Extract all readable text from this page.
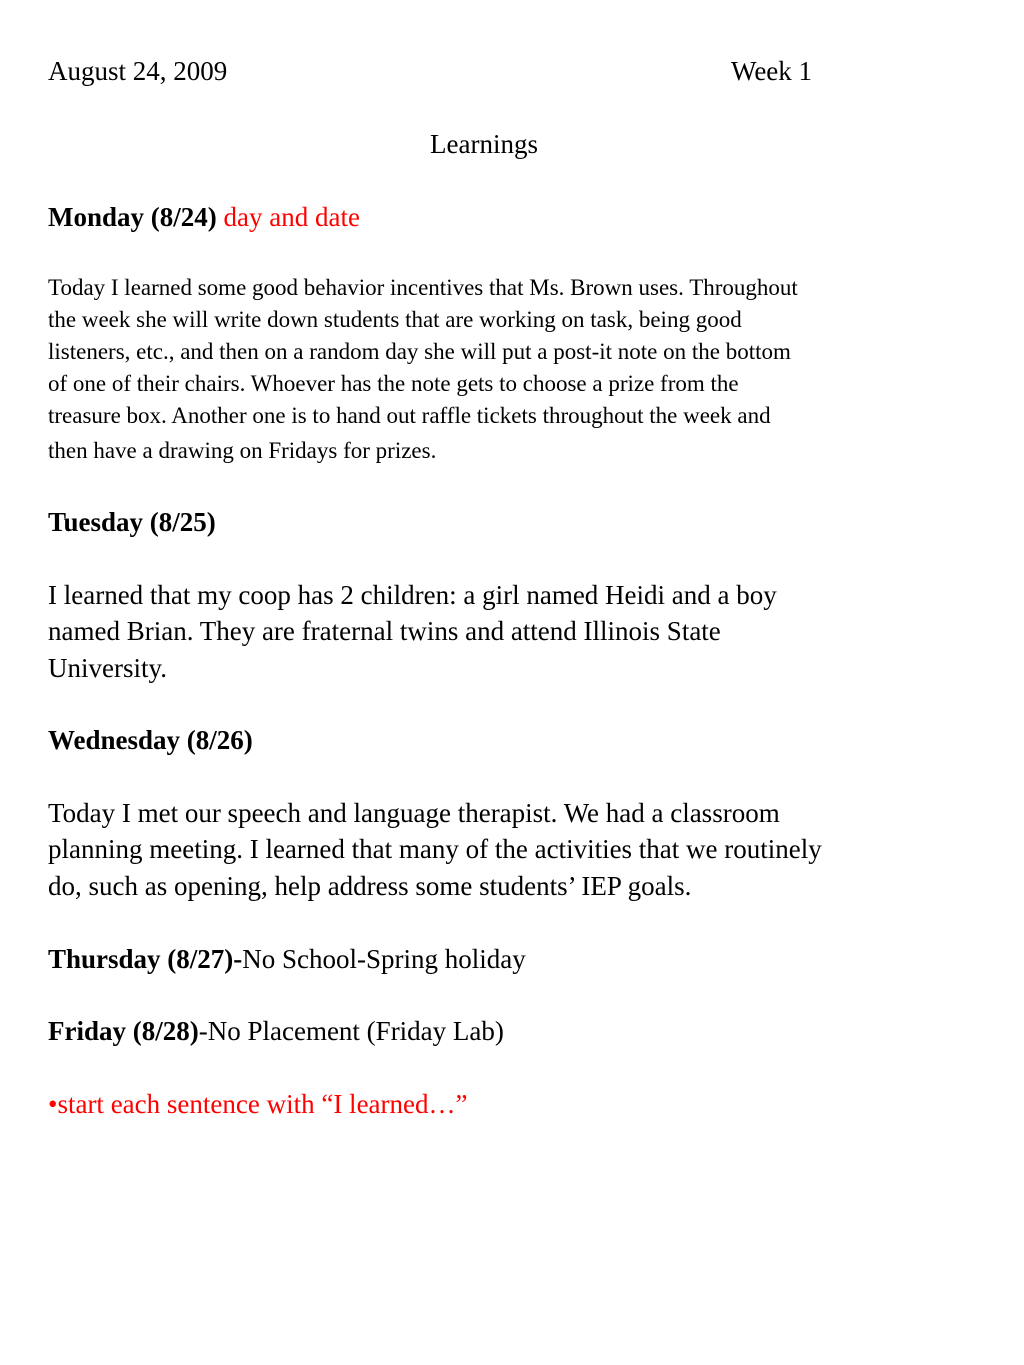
August 24, 2009	Week 1
Learnings
Monday (8/24) day and date
Today I learned some good behavior incentives that Ms. Brown uses. Throughout
the week she will write down students that are working on task, being good
listeners, etc., and then on a random day she will put a post-it note on the bottom
of one of their chairs. Whoever has the note gets to choose a prize from the
treasure box. Another one is to hand out raffle tickets throughout the week and
then have a drawing on Fridays for prizes.
Tuesday (8/25)
I learned that my coop has 2 children: a girl named Heidi and a boy
named Brian. They are fraternal twins and attend Illinois State
University.
Wednesday (8/26)
Today I met our speech and language therapist. We had a classroom
planning meeting. I learned that many of the activities that we routinely
do, such as opening, help address some students’ IEP goals.
Thursday (8/27)-No School-Spring holiday
Friday (8/28)-No Placement (Friday Lab)
•start each sentence with “I learned…”
